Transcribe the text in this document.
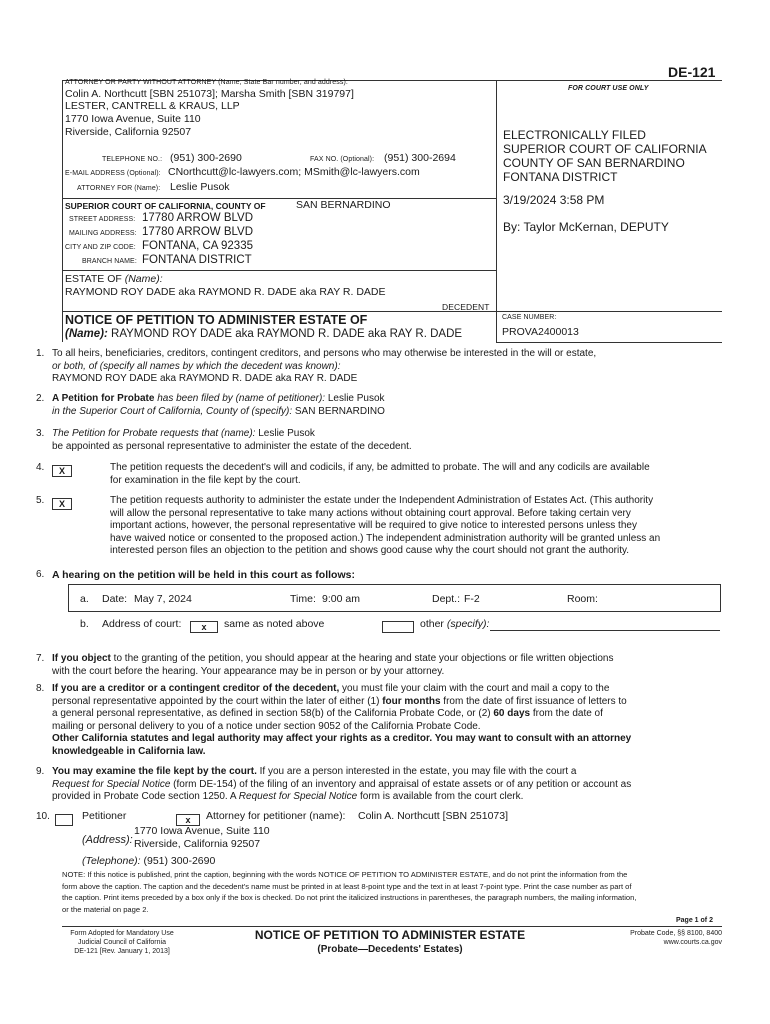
DE-121
ATTORNEY OR PARTY WITHOUT ATTORNEY (Name, State Bar number, and address):
Colin A. Northcutt [SBN 251073]; Marsha Smith [SBN 319797]
LESTER, CANTRELL & KRAUS, LLP
1770 Iowa Avenue, Suite 110
Riverside, California 92507
TELEPHONE NO.: (951) 300-2690	FAX NO. (Optional): (951) 300-2694
E-MAIL ADDRESS (Optional): CNorthcutt@lc-lawyers.com; MSmith@lc-lawyers.com
ATTORNEY FOR (Name): Leslie Pusok
FOR COURT USE ONLY
SUPERIOR COURT OF CALIFORNIA, COUNTY OF	SAN BERNARDINO
STREET ADDRESS: 17780 ARROW BLVD
MAILING ADDRESS: 17780 ARROW BLVD
CITY AND ZIP CODE: FONTANA, CA 92335
BRANCH NAME: FONTANA DISTRICT
ELECTRONICALLY FILED
SUPERIOR COURT OF CALIFORNIA
COUNTY OF SAN BERNARDINO
FONTANA DISTRICT
3/19/2024 3:58 PM
By: Taylor McKernan, DEPUTY
ESTATE OF (Name):
RAYMOND ROY DADE aka RAYMOND R. DADE aka RAY R. DADE
DECEDENT
NOTICE OF PETITION TO ADMINISTER ESTATE OF
(Name): RAYMOND ROY DADE aka RAYMOND R. DADE aka RAY R. DADE
CASE NUMBER:
PROVA2400013
1. To all heirs, beneficiaries, creditors, contingent creditors, and persons who may otherwise be interested in the will or estate,
or both, of (specify all names by which the decedent was known):
RAYMOND ROY DADE aka RAYMOND R. DADE aka RAY R. DADE
2. A Petition for Probate has been filed by (name of petitioner): Leslie Pusok
in the Superior Court of California, County of (specify): SAN BERNARDINO
3. The Petition for Probate requests that (name): Leslie Pusok
be appointed as personal representative to administer the estate of the decedent.
4.	X	The petition requests the decedent's will and codicils, if any, be admitted to probate. The will and any codicils are available
for examination in the file kept by the court.
5.	X	The petition requests authority to administer the estate under the Independent Administration of Estates Act. (This authority
will allow the personal representative to take many actions without obtaining court approval. Before taking certain very
important actions, however, the personal representative will be required to give notice to interested persons unless they
have waived notice or consented to the proposed action.) The independent administration authority will be granted unless an
interested person files an objection to the petition and shows good cause why the court should not grant the authority.
6. A hearing on the petition will be held in this court as follows:
a. Date: May 7, 2024	Time: 9:00 am	Dept.: F-2	Room:
b. Address of court:	x	same as noted above	other (specify):
7. If you object to the granting of the petition, you should appear at the hearing and state your objections or file written objections
with the court before the hearing. Your appearance may be in person or by your attorney.
8. If you are a creditor or a contingent creditor of the decedent, you must file your claim with the court and mail a copy to the
personal representative appointed by the court within the later of either (1) four months from the date of first issuance of letters to
a general personal representative, as defined in section 58(b) of the California Probate Code, or (2) 60 days from the date of
mailing or personal delivery to you of a notice under section 9052 of the California Probate Code.
Other California statutes and legal authority may affect your rights as a creditor. You may want to consult with an attorney
knowledgeable in California law.
9. You may examine the file kept by the court. If you are a person interested in the estate, you may file with the court a
Request for Special Notice (form DE-154) of the filing of an inventory and appraisal of estate assets or of any petition or account as
provided in Probate Code section 1250. A Request for Special Notice form is available from the court clerk.
10.	Petitioner	x	Attorney for petitioner (name): Colin A. Northcutt [SBN 251073]
1770 Iowa Avenue, Suite 110
(Address): Riverside, California 92507
(Telephone): (951) 300-2690
NOTE: If this notice is published, print the caption, beginning with the words NOTICE OF PETITION TO ADMINISTER ESTATE, and do not print the information from the
form above the caption. The caption and the decedent's name must be printed in at least 8-point type and the text in at least 7-point type. Print the case number as part of
the caption. Print items preceded by a box only if the box is checked. Do not print the italicized instructions in parentheses, the paragraph numbers, the mailing information,
or the material on page 2.
Page 1 of 2
Form Adopted for Mandatory Use
Judicial Council of California
DE-121 [Rev. January 1, 2013]
NOTICE OF PETITION TO ADMINISTER ESTATE
(Probate—Decedents' Estates)
Probate Code, §§ 8100, 8400
www.courts.ca.gov
